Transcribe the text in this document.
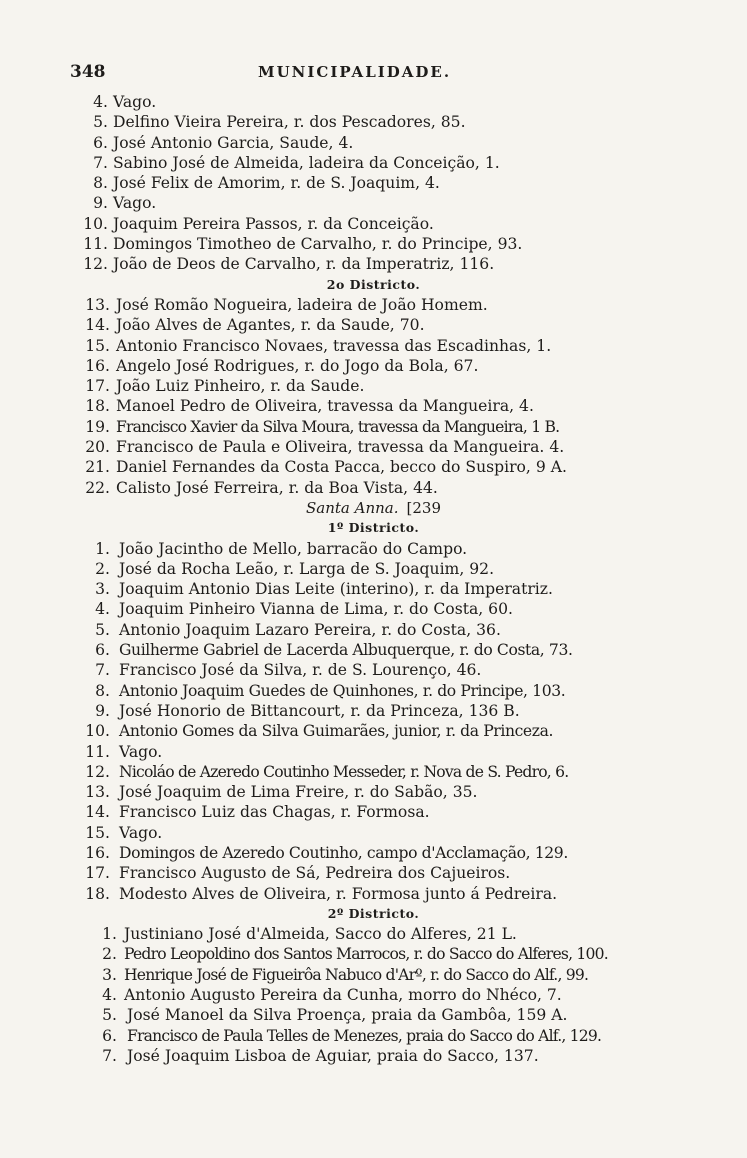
348	MUNICIPALIDADE.
4. Vago.
5. Delfino Vieira Pereira, r. dos Pescadores, 85.
6. José Antonio Garcia, Saude, 4.
7. Sabino José de Almeida, ladeira da Conceição, 1.
8. José Felix de Amorim, r. de S. Joaquim, 4.
9. Vago.
10. Joaquim Pereira Passos, r. da Conceição.
11. Domingos Timotheo de Carvalho, r. do Principe, 93.
12. João de Deos de Carvalho, r. da Imperatriz, 116.
2o Districto.
13. José Romão Nogueira, ladeira de João Homem.
14. João Alves de Agantes, r. da Saude, 70.
15. Antonio Francisco Novaes, travessa das Escadinhas, 1.
16. Angelo José Rodrigues, r. do Jogo da Bola, 67.
17. João Luiz Pinheiro, r. da Saude.
18. Manoel Pedro de Oliveira, travessa da Mangueira, 4.
19. Francisco Xavier da Silva Moura, travessa da Mangueira, 1 B.
20. Francisco de Paula e Oliveira, travessa da Mangueira. 4.
21. Daniel Fernandes da Costa Pacca, becco do Suspiro, 9 A.
22. Calisto José Ferreira, r. da Boa Vista, 44.
Santa Anna. [239
1º Districto.
1. João Jacintho de Mello, barracão do Campo.
2. José da Rocha Leão, r. Larga de S. Joaquim, 92.
3. Joaquim Antonio Dias Leite (interino), r. da Imperatriz.
4. Joaquim Pinheiro Vianna de Lima, r. do Costa, 60.
5. Antonio Joaquim Lazaro Pereira, r. do Costa, 36.
6. Guilherme Gabriel de Lacerda Albuquerque, r. do Costa, 73.
7. Francisco José da Silva, r. de S. Lourenço, 46.
8. Antonio Joaquim Guedes de Quinhones, r. do Principe, 103.
9. José Honorio de Bittancourt, r. da Princeza, 136 B.
10. Antonio Gomes da Silva Guimarães, junior, r. da Princeza.
11. Vago.
12. Nicoláo de Azeredo Coutinho Messeder, r. Nova de S. Pedro, 6.
13. José Joaquim de Lima Freire, r. do Sabão, 35.
14. Francisco Luiz das Chagas, r. Formosa.
15. Vago.
16. Domingos de Azeredo Coutinho, campo d'Acclamação, 129.
17. Francisco Augusto de Sá, Pedreira dos Cajueiros.
18. Modesto Alves de Oliveira, r. Formosa junto á Pedreira.
2º Districto.
1. Justiniano José d'Almeida, Sacco do Alferes, 21 L.
2. Pedro Leopoldino dos Santos Marrocos, r. do Sacco do Alferes, 100.
3. Henrique José de Figueirôa Nabuco d'Arº, r. do Sacco do Alf., 99.
4. Antonio Augusto Pereira da Cunha, morro do Nhéco, 7.
5. José Manoel da Silva Proença, praia da Gambôa, 159 A.
6. Francisco de Paula Telles de Menezes, praia do Sacco do Alf., 129.
7. José Joaquim Lisboa de Aguiar, praia do Sacco, 137.
